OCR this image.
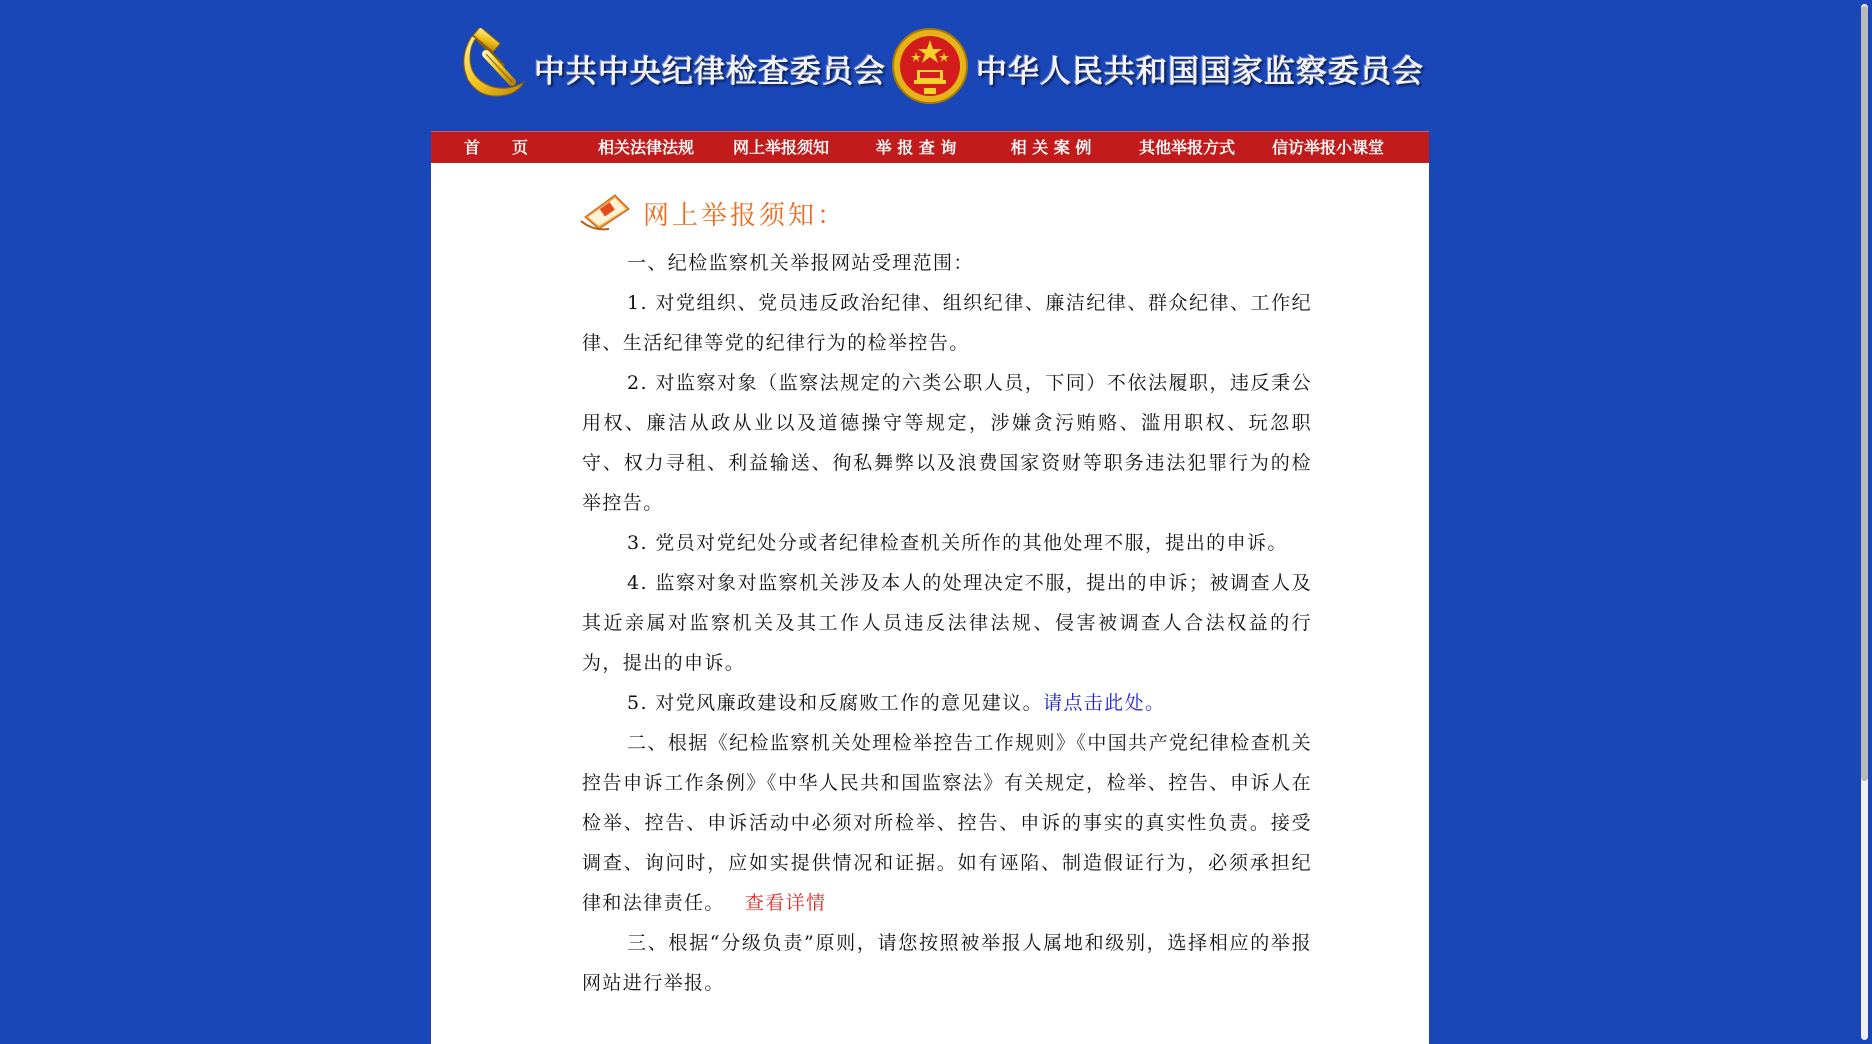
中共中央纪律检查委员会	中华人民共和国国家监察委员会
首　　页	相关法律法规	网上举报须知	举 报 查 询	相 关 案 例	其他举报方式	信访举报小课堂
网上举报须知：

一、纪检监察机关举报网站受理范围：

1. 对党组织、党员违反政治纪律、组织纪律、廉洁纪律、群众纪律、工作纪律、生活纪律等党的纪律行为的检举控告。

2. 对监察对象（监察法规定的六类公职人员，下同）不依法履职，违反秉公用权、廉洁从政从业以及道德操守等规定，涉嫌贪污贿赂、滥用职权、玩忽职守、权力寻租、利益输送、徇私舞弊以及浪费国家资财等职务违法犯罪行为的检举控告。

3. 党员对党纪处分或者纪律检查机关所作的其他处理不服，提出的申诉。

4. 监察对象对监察机关涉及本人的处理决定不服，提出的申诉；被调查人及其近亲属对监察机关及其工作人员违反法律法规、侵害被调查人合法权益的行为，提出的申诉。

5. 对党风廉政建设和反腐败工作的意见建议。请点击此处。

二、根据《纪检监察机关处理检举控告工作规则》《中国共产党纪律检查机关控告申诉工作条例》《中华人民共和国监察法》有关规定，检举、控告、申诉人在检举、控告、申诉活动中必须对所检举、控告、申诉的事实的真实性负责。接受调查、询问时，应如实提供情况和证据。如有诬陷、制造假证行为，必须承担纪律和法律责任。 查看详情

三、根据“分级负责”原则，请您按照被举报人属地和级别，选择相应的举报网站进行举报。
